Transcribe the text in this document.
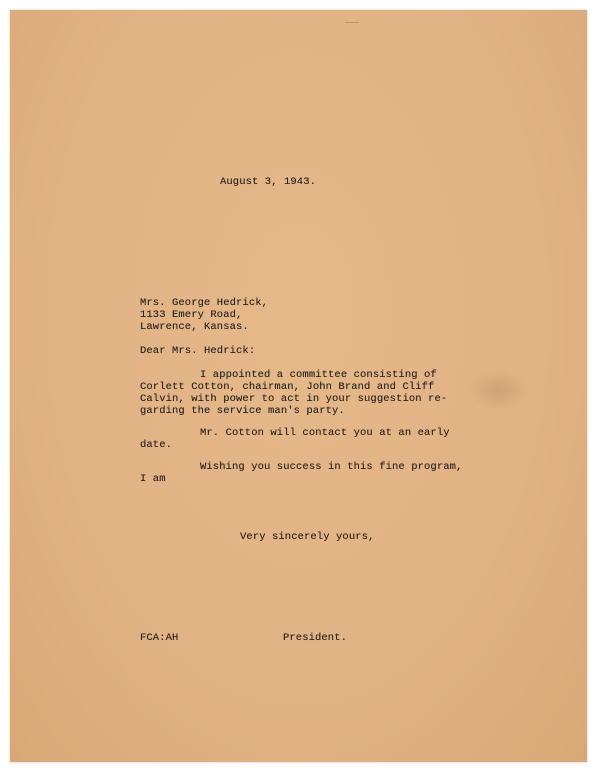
August 3, 1943.
Mrs. George Hedrick,
1133 Emery Road,
Lawrence, Kansas.
Dear Mrs. Hedrick:
I appointed a committee consisting of
Corlett Cotton, chairman, John Brand and Cliff
Calvin, with power to act in your suggestion re-
garding the service man's party.
Mr. Cotton will contact you at an early
date.
Wishing you success in this fine program,
I am
Very sincerely yours,
FCA:AH	President.
